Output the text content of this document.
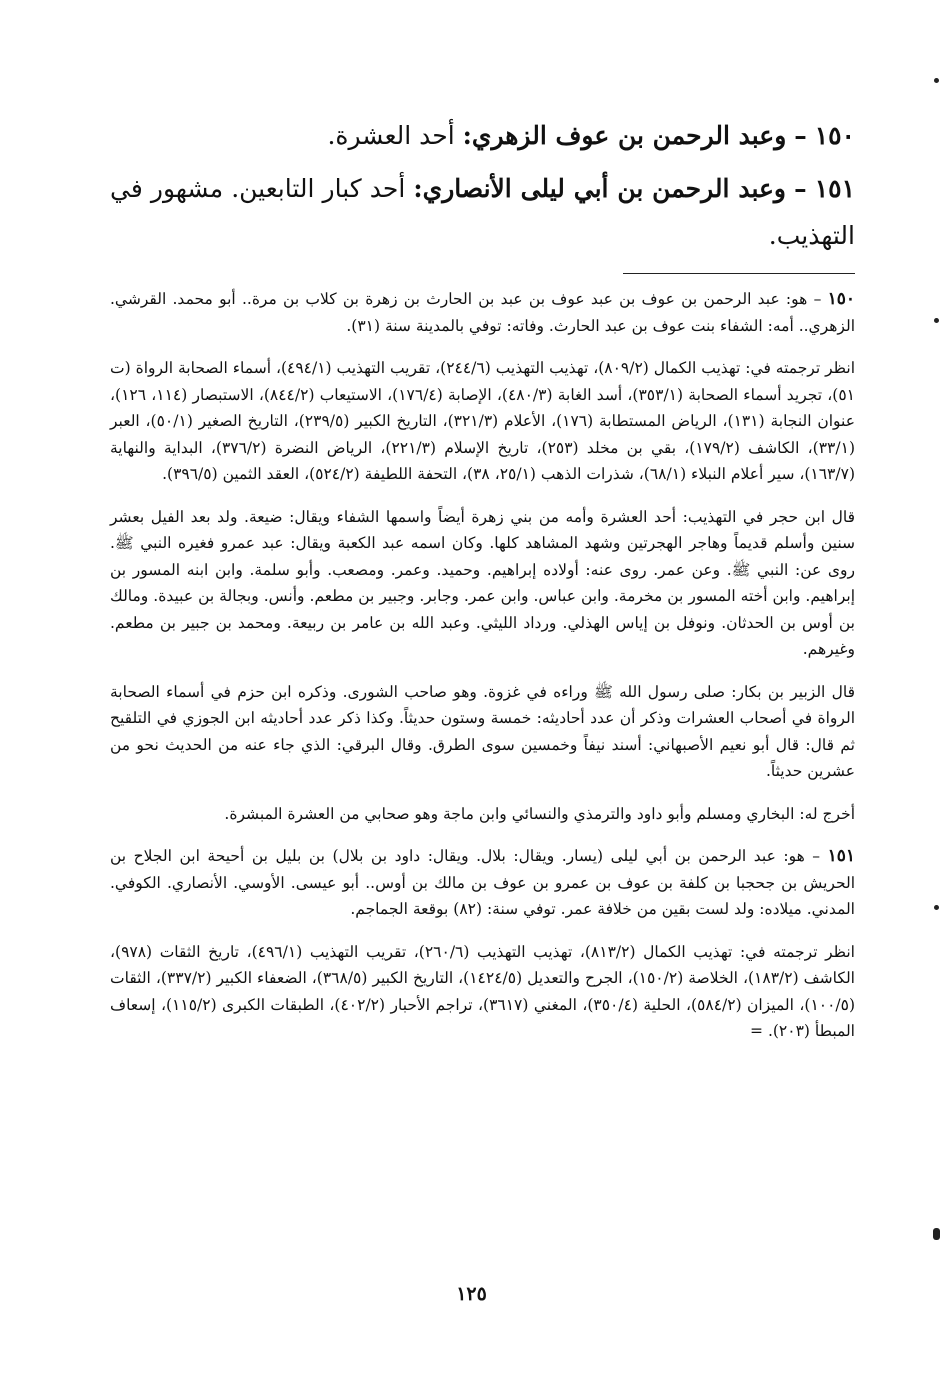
١٥٠ – وعبد الرحمن بن عوف الزهري: أحد العشرة.

١٥١ – وعبد الرحمن بن أبي ليلى الأنصاري: أحد كبار التابعين. مشهور في التهذيب.

١٥٠ – هو: عبد الرحمن بن عوف بن عبد عوف بن عبد بن الحارث بن زهرة بن كلاب بن مرة.. أبو محمد. القرشي. الزهري.. أمه: الشفاء بنت عوف بن عبد الحارث. وفاته: توفي بالمدينة سنة (٣١).

انظر ترجمته في: تهذيب الكمال (٨٠٩/٢)، تهذيب التهذيب (٢٤٤/٦)، تقريب التهذيب (٤٩٤/١)، أسماء الصحابة الرواة (ت ٥١)، تجريد أسماء الصحابة (٣٥٣/١)، أسد الغابة (٤٨٠/٣)، الإصابة (١٧٦/٤)، الاستيعاب (٨٤٤/٢)، الاستبصار (١١٤، ١٢٦)، عنوان النجابة (١٣١)، الرياض المستطابة (١٧٦)، الأعلام (٣٢١/٣)، التاريخ الكبير (٢٣٩/٥)، التاريخ الصغير (٥٠/١)، العبر (٣٣/١)، الكاشف (١٧٩/٢)، بقي بن مخلد (٢٥٣)، تاريخ الإسلام (٢٢١/٣)، الرياض النضرة (٣٧٦/٢)، البداية والنهاية (١٦٣/٧)، سير أعلام النبلاء (٦٨/١)، شذرات الذهب (٢٥/١، ٣٨)، التحفة اللطيفة (٥٢٤/٢)، العقد الثمين (٣٩٦/٥).

قال ابن حجر في التهذيب: أحد العشرة وأمه من بني زهرة أيضاً واسمها الشفاء ويقال: ضيعة. ولد بعد الفيل بعشر سنين وأسلم قديماً وهاجر الهجرتين وشهد المشاهد كلها. وكان اسمه عبد الكعبة ويقال: عبد عمرو فغيره النبي ﷺ. روى عن: النبي ﷺ. وعن عمر. روى عنه: أولاده إبراهيم. وحميد. وعمر. ومصعب. وأبو سلمة. وابن ابنه المسور بن إبراهيم. وابن أخته المسور بن مخرمة. وابن عباس. وابن عمر. وجابر. وجبير بن مطعم. وأنس. وبجالة بن عبيدة. ومالك بن أوس بن الحدثان. ونوفل بن إياس الهذلي. ورداد الليثي. وعبد الله بن عامر بن ربيعة. ومحمد بن جبير بن مطعم. وغيرهم.

قال الزبير بن بكار: صلى رسول الله ﷺ وراءه في غزوة. وهو صاحب الشورى. وذكره ابن حزم في أسماء الصحابة الرواة في أصحاب العشرات وذكر أن عدد أحاديثه: خمسة وستون حديثاً. وكذا ذكر عدد أحاديثه ابن الجوزي في التلقيح ثم قال: قال أبو نعيم الأصبهاني: أسند نيفاً وخمسين سوى الطرق. وقال البرقي: الذي جاء عنه من الحديث نحو من عشرين حديثاً.

أخرج له: البخاري ومسلم وأبو داود والترمذي والنسائي وابن ماجة وهو صحابي من العشرة المبشرة.

١٥١ – هو: عبد الرحمن بن أبي ليلى (يسار. ويقال: بلال. ويقال: داود بن بلال) بن بليل بن أحيحة ابن الجلاح بن الحريش بن جحجبا بن كلفة بن عوف بن عمرو بن عوف بن مالك بن أوس.. أبو عيسى. الأوسي. الأنصاري. الكوفي. المدني. ميلاده: ولد لست بقين من خلافة عمر. توفي سنة: (٨٢) بوقعة الجماجم.

انظر ترجمته في: تهذيب الكمال (٨١٣/٢)، تهذيب التهذيب (٢٦٠/٦)، تقريب التهذيب (٤٩٦/١)، تاريخ الثقات (٩٧٨)، الكاشف (١٨٣/٢)، الخلاصة (١٥٠/٢)، الجرح والتعديل (١٤٢٤/٥)، التاريخ الكبير (٣٦٨/٥)، الضعفاء الكبير (٣٣٧/٢)، الثقات (١٠٠/٥)، الميزان (٥٨٤/٢)، الحلية (٣٥٠/٤)، المغني (٣٦١٧)، تراجم الأحبار (٤٠٢/٢)، الطبقات الكبرى (١١٥/٢)، إسعاف المبطأ (٢٠٣). =

١٢٥
